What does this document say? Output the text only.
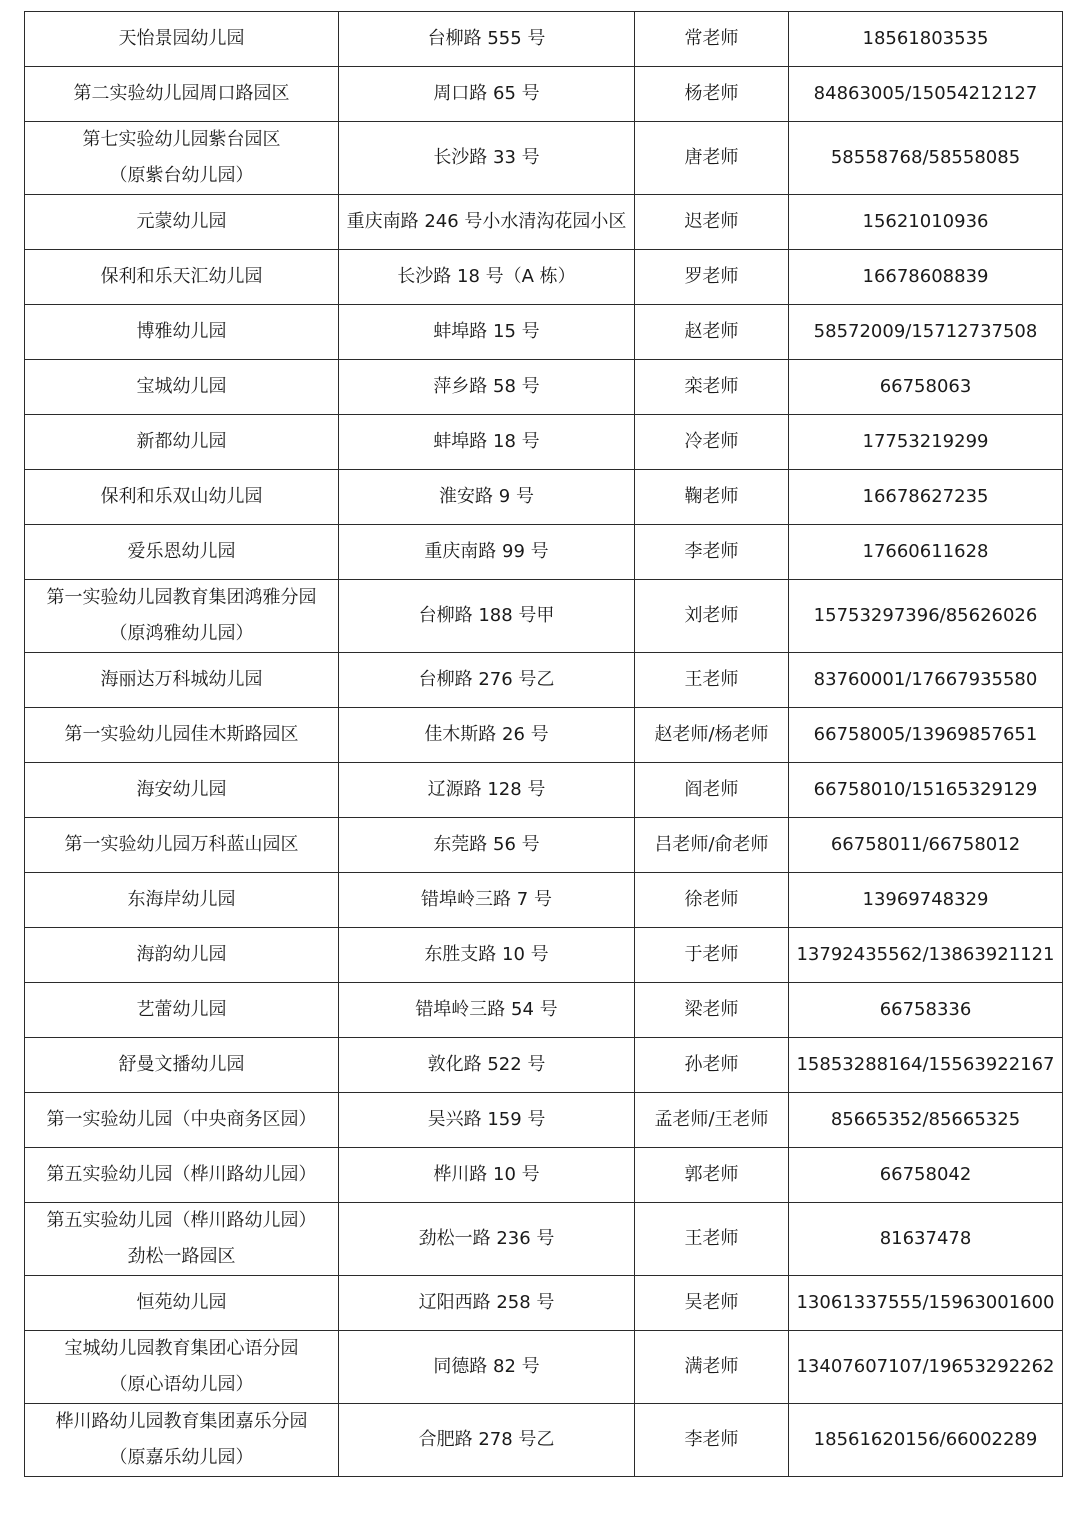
天怡景园幼儿园	台柳路 555 号	常老师	18561803535

第二实验幼儿园周口路园区	周口路 65 号	杨老师	84863005/15054212127

第七实验幼儿园紫台园区
（原紫台幼儿园）	长沙路 33 号	唐老师	58558768/58558085

元蒙幼儿园	重庆南路 246 号小水清沟花园小区	迟老师	15621010936

保利和乐天汇幼儿园	长沙路 18 号（A 栋）	罗老师	16678608839

博雅幼儿园	蚌埠路 15 号	赵老师	58572009/15712737508

宝城幼儿园	萍乡路 58 号	栾老师	66758063

新都幼儿园	蚌埠路 18 号	冷老师	17753219299

保利和乐双山幼儿园	淮安路 9 号	鞠老师	16678627235

爱乐恩幼儿园	重庆南路 99 号	李老师	17660611628

第一实验幼儿园教育集团鸿雅分园
（原鸿雅幼儿园）	台柳路 188 号甲	刘老师	15753297396/85626026

海丽达万科城幼儿园	台柳路 276 号乙	王老师	83760001/17667935580

第一实验幼儿园佳木斯路园区	佳木斯路 26 号	赵老师/杨老师	66758005/13969857651

海安幼儿园	辽源路 128 号	阎老师	66758010/15165329129

第一实验幼儿园万科蓝山园区	东莞路 56 号	吕老师/俞老师	66758011/66758012

东海岸幼儿园	错埠岭三路 7 号	徐老师	13969748329

海韵幼儿园	东胜支路 10 号	于老师	13792435562/13863921121

艺蕾幼儿园	错埠岭三路 54 号	梁老师	66758336

舒曼文播幼儿园	敦化路 522 号	孙老师	15853288164/15563922167

第一实验幼儿园（中央商务区园）	吴兴路 159 号	孟老师/王老师	85665352/85665325

第五实验幼儿园（桦川路幼儿园）	桦川路 10 号	郭老师	66758042

第五实验幼儿园（桦川路幼儿园）
劲松一路园区	劲松一路 236 号	王老师	81637478

恒苑幼儿园	辽阳西路 258 号	吴老师	13061337555/15963001600

宝城幼儿园教育集团心语分园
（原心语幼儿园）	同德路 82 号	满老师	13407607107/19653292262

桦川路幼儿园教育集团嘉乐分园
（原嘉乐幼儿园）	合肥路 278 号乙	李老师	18561620156/66002289
